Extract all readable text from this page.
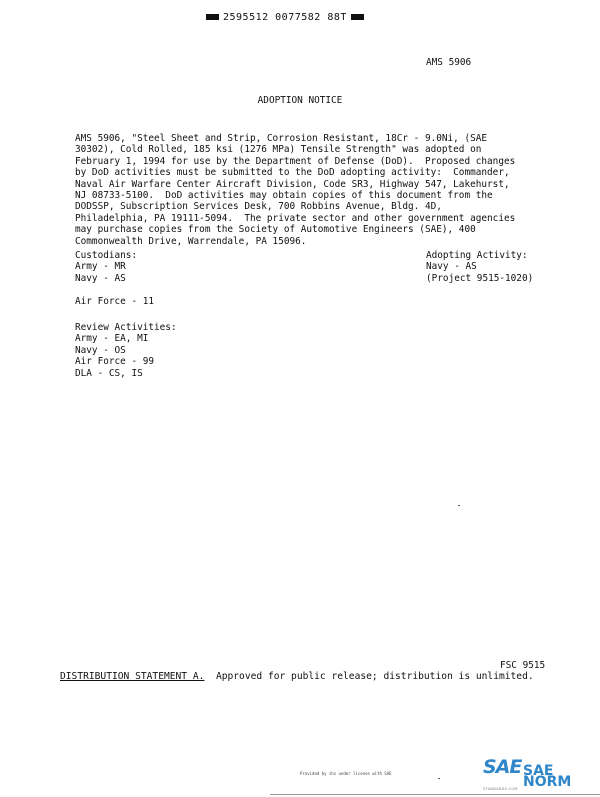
2595512 0077582 88T
AMS 5906
ADOPTION NOTICE

AMS 5906, "Steel Sheet and Strip, Corrosion Resistant, 18Cr - 9.0Ni, (SAE

30302), Cold Rolled, 185 ksi (1276 MPa) Tensile Strength" was adopted on

February 1, 1994 for use by the Department of Defense (DoD).  Proposed changes

by DoD activities must be submitted to the DoD adopting activity:  Commander,

Naval Air Warfare Center Aircraft Division, Code SR3, Highway 547, Lakehurst,

NJ 08733-5100.  DoD activities may obtain copies of this document from the

DODSSP, Subscription Services Desk, 700 Robbins Avenue, Bldg. 4D,

Philadelphia, PA 19111-5094.  The private sector and other government agencies

may purchase copies from the Society of Automotive Engineers (SAE), 400

Commonwealth Drive, Warrendale, PA 15096.

Custodians:
Army - MR
Navy - AS
Adopting Activity:
Navy - AS
(Project 9515-1020)
Air Force - 11
Review Activities:
Army - EA, MI
Navy - OS
Air Force - 99
DLA - CS, IS
FSC 9515
DISTRIBUTION STATEMENT A.  Approved for public release; distribution is unlimited.
Provided by ihs under license with SAE	SAE SAE NORM
STANDARDS.COM
